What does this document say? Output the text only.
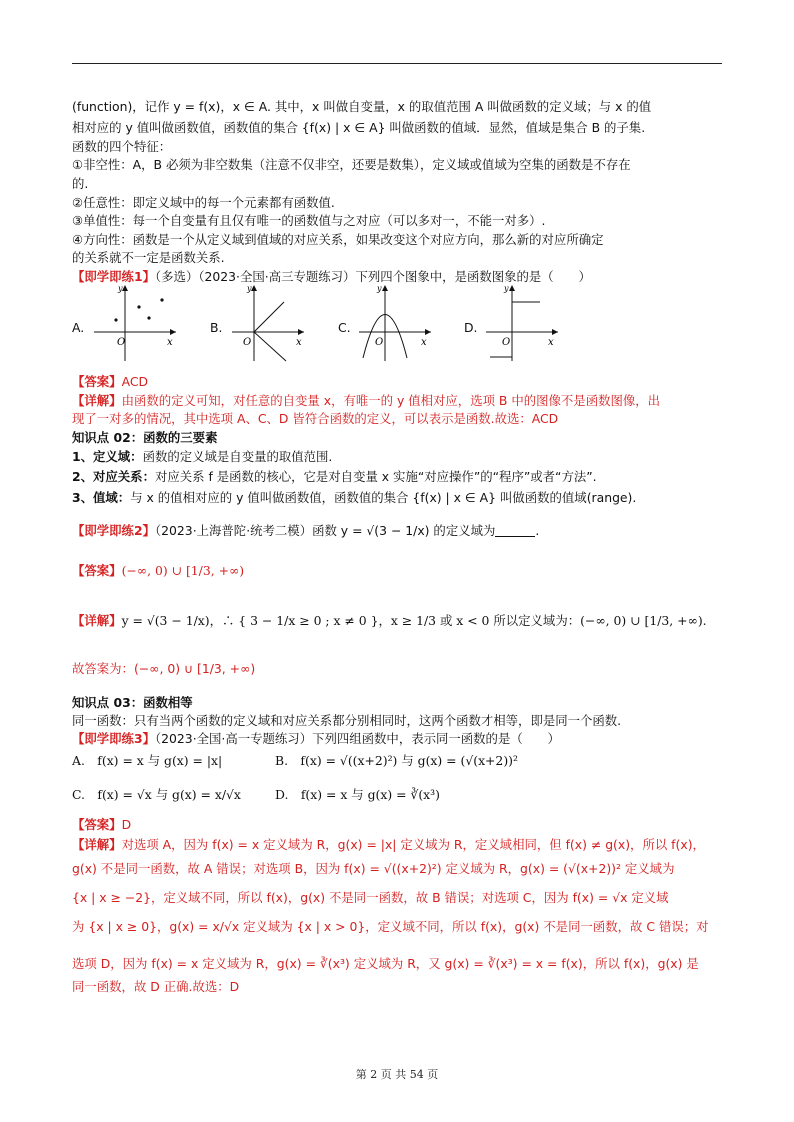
(function)，记作 y = f(x)，x ∈ A. 其中，x 叫做自变量，x 的取值范围 A 叫做函数的定义域；与 x 的值
相对应的 y 值叫做函数值，函数值的集合 {f(x) | x ∈ A} 叫做函数的值域．显然，值域是集合 B 的子集.
函数的四个特征：
①非空性：A，B 必须为非空数集（注意不仅非空，还要是数集），定义域或值域为空集的函数是不存在
的.
②任意性：即定义域中的每一个元素都有函数值.
③单值性：每一个自变量有且仅有唯一的函数值与之对应（可以多对一，不能一对多）.
④方向性：函数是一个从定义域到值域的对应关系，如果改变这个对应方向，那么新的对应所确定
的关系就不一定是函数关系.
【即学即练1】（多选）（2023·全国·高三专题练习）下列四个图象中，是函数图象的是（　　）
A.	B.	C.	D.
O	x
y
O	x
y
O	x
y
O	x
y
【答案】ACD
【详解】由函数的定义可知，对任意的自变量 x，有唯一的 y 值相对应，选项 B 中的图像不是函数图像，出
现了一对多的情况，其中选项 A、C、D 皆符合函数的定义，可以表示是函数.故选：ACD
知识点 02：函数的三要素
1、定义域：函数的定义域是自变量的取值范围.
2、对应关系：对应关系 f 是函数的核心，它是对自变量 x 实施“对应操作”的“程序”或者“方法”.
3、值域：与 x 的值相对应的 y 值叫做函数值，函数值的集合 {f(x) | x ∈ A} 叫做函数的值域(range).
【即学即练2】（2023·上海普陀·统考二模）函数 y = √(3 − 1/x) 的定义域为	.
【答案】(−∞, 0) ∪ [1/3, +∞)
【详解】y = √(3 − 1/x)，∴ { 3 − 1/x ≥ 0 ; x ≠ 0 }，x ≥ 1/3 或 x < 0 所以定义域为：(−∞, 0) ∪ [1/3, +∞).
故答案为：(−∞, 0) ∪ [1/3, +∞)
知识点 03：函数相等
同一函数：只有当两个函数的定义域和对应关系都分别相同时，这两个函数才相等，即是同一个函数.
【即学即练3】（2023·全国·高一专题练习）下列四组函数中，表示同一函数的是（　　）
A.　f(x) = x 与 g(x) = |x|	B.　f(x) = √((x+2)²) 与 g(x) = (√(x+2))²
C.　f(x) = √x 与 g(x) = x/√x	D.　f(x) = x 与 g(x) = ∛(x³)
【答案】D
【详解】对选项 A，因为 f(x) = x 定义域为 R，g(x) = |x| 定义域为 R，定义域相同，但 f(x) ≠ g(x)，所以 f(x)，
g(x) 不是同一函数，故 A 错误；对选项 B，因为 f(x) = √((x+2)²) 定义域为 R，g(x) = (√(x+2))² 定义域为
{x | x ≥ −2}，定义域不同，所以 f(x)，g(x) 不是同一函数，故 B 错误；对选项 C，因为 f(x) = √x 定义域
为 {x | x ≥ 0}，g(x) = x/√x 定义域为 {x | x > 0}，定义域不同，所以 f(x)，g(x) 不是同一函数，故 C 错误；对
选项 D，因为 f(x) = x 定义域为 R，g(x) = ∛(x³) 定义域为 R，又 g(x) = ∛(x³) = x = f(x)，所以 f(x)，g(x) 是
同一函数，故 D 正确.故选：D
第 2 页 共 54 页
